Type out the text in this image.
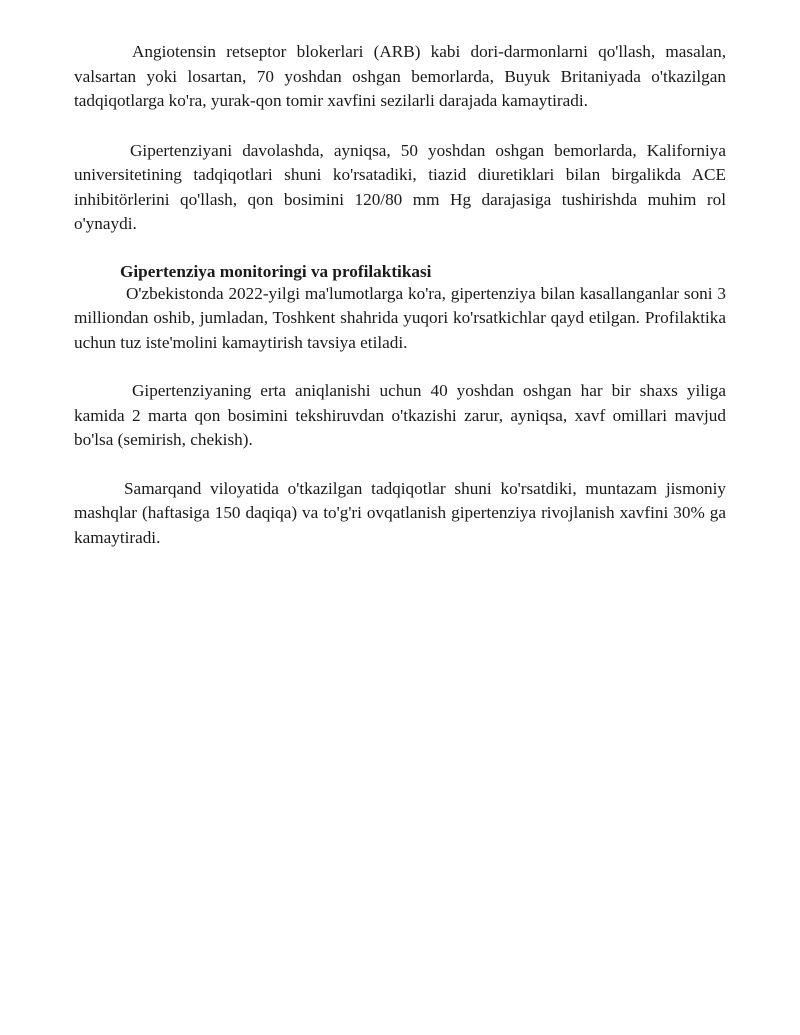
Angiotensin retseptor blokerlari (ARB) kabi dori-darmonlarni qo'llash, masalan, valsartan yoki losartan, 70 yoshdan oshgan bemorlarda, Buyuk Britaniyada o'tkazilgan tadqiqotlarga ko'ra, yurak-qon tomir xavfini sezilarli darajada kamaytiradi.

Gipertenziyani davolashda, ayniqsa, 50 yoshdan oshgan bemorlarda, Kaliforniya universitetining tadqiqotlari shuni ko'rsatadiki, tiazid diuretiklari bilan birgalikda ACE inhibitörlerini qo'llash, qon bosimini 120/80 mm Hg darajasiga tushirishda muhim rol o'ynaydi.

Gipertenziya monitoringi va profilaktikasi

O'zbekistonda 2022-yilgi ma'lumotlarga ko'ra, gipertenziya bilan kasallanganlar soni 3 milliondan oshib, jumladan, Toshkent shahrida yuqori ko'rsatkichlar qayd etilgan. Profilaktika uchun tuz iste'molini kamaytirish tavsiya etiladi.

Gipertenziyaning erta aniqlanishi uchun 40 yoshdan oshgan har bir shaxs yiliga kamida 2 marta qon bosimini tekshiruvdan o'tkazishi zarur, ayniqsa, xavf omillari mavjud bo'lsa (semirish, chekish).

Samarqand viloyatida o'tkazilgan tadqiqotlar shuni ko'rsatdiki, muntazam jismoniy mashqlar (haftasiga 150 daqiqa) va to'g'ri ovqatlanish gipertenziya rivojlanish xavfini 30% ga kamaytiradi.
